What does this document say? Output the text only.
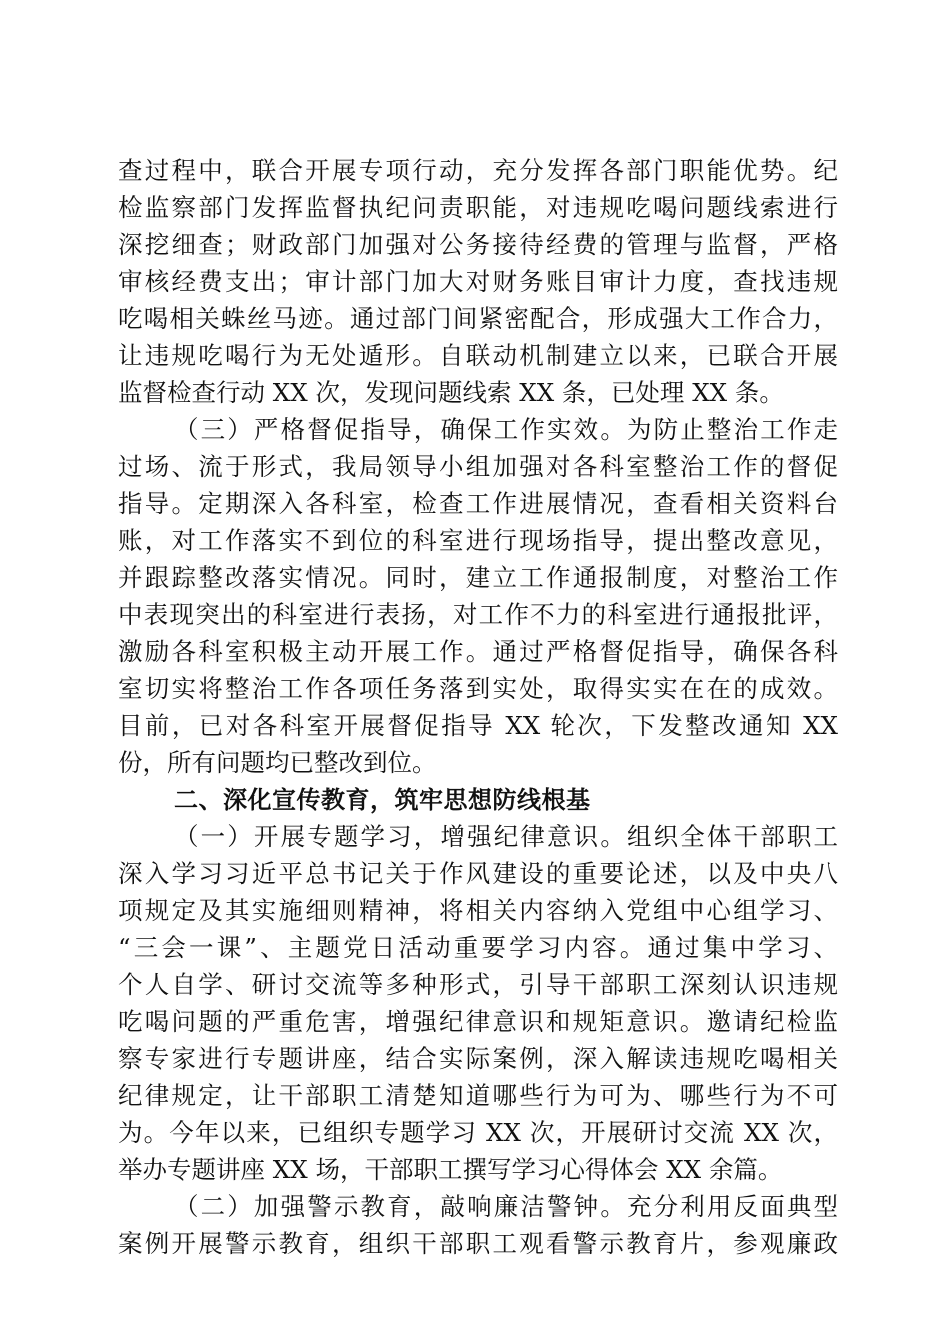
查过程中，联合开展专项行动，充分发挥各部门职能优势。纪
检监察部门发挥监督执纪问责职能，对违规吃喝问题线索进行
深挖细查；财政部门加强对公务接待经费的管理与监督，严格
审核经费支出；审计部门加大对财务账目审计力度，查找违规
吃喝相关蛛丝马迹。通过部门间紧密配合，形成强大工作合力，
让违规吃喝行为无处遁形。自联动机制建立以来，已联合开展
监督检查行动 XX 次，发现问题线索 XX 条，已处理 XX 条。
（三）严格督促指导，确保工作实效。为防止整治工作走
过场、流于形式，我局领导小组加强对各科室整治工作的督促
指导。定期深入各科室，检查工作进展情况，查看相关资料台
账，对工作落实不到位的科室进行现场指导，提出整改意见，
并跟踪整改落实情况。同时，建立工作通报制度，对整治工作
中表现突出的科室进行表扬，对工作不力的科室进行通报批评，
激励各科室积极主动开展工作。通过严格督促指导，确保各科
室切实将整治工作各项任务落到实处，取得实实在在的成效。
目前，已对各科室开展督促指导 XX 轮次，下发整改通知 XX
份，所有问题均已整改到位。
二、深化宣传教育，筑牢思想防线根基
（一）开展专题学习，增强纪律意识。组织全体干部职工
深入学习习近平总书记关于作风建设的重要论述，以及中央八
项规定及其实施细则精神，将相关内容纳入党组中心组学习、
“三会一课”、主题党日活动重要学习内容。通过集中学习、
个人自学、研讨交流等多种形式，引导干部职工深刻认识违规
吃喝问题的严重危害，增强纪律意识和规矩意识。邀请纪检监
察专家进行专题讲座，结合实际案例，深入解读违规吃喝相关
纪律规定，让干部职工清楚知道哪些行为可为、哪些行为不可
为。今年以来，已组织专题学习 XX 次，开展研讨交流 XX 次，
举办专题讲座 XX 场，干部职工撰写学习心得体会 XX 余篇。
（二）加强警示教育，敲响廉洁警钟。充分利用反面典型
案例开展警示教育，组织干部职工观看警示教育片，参观廉政
